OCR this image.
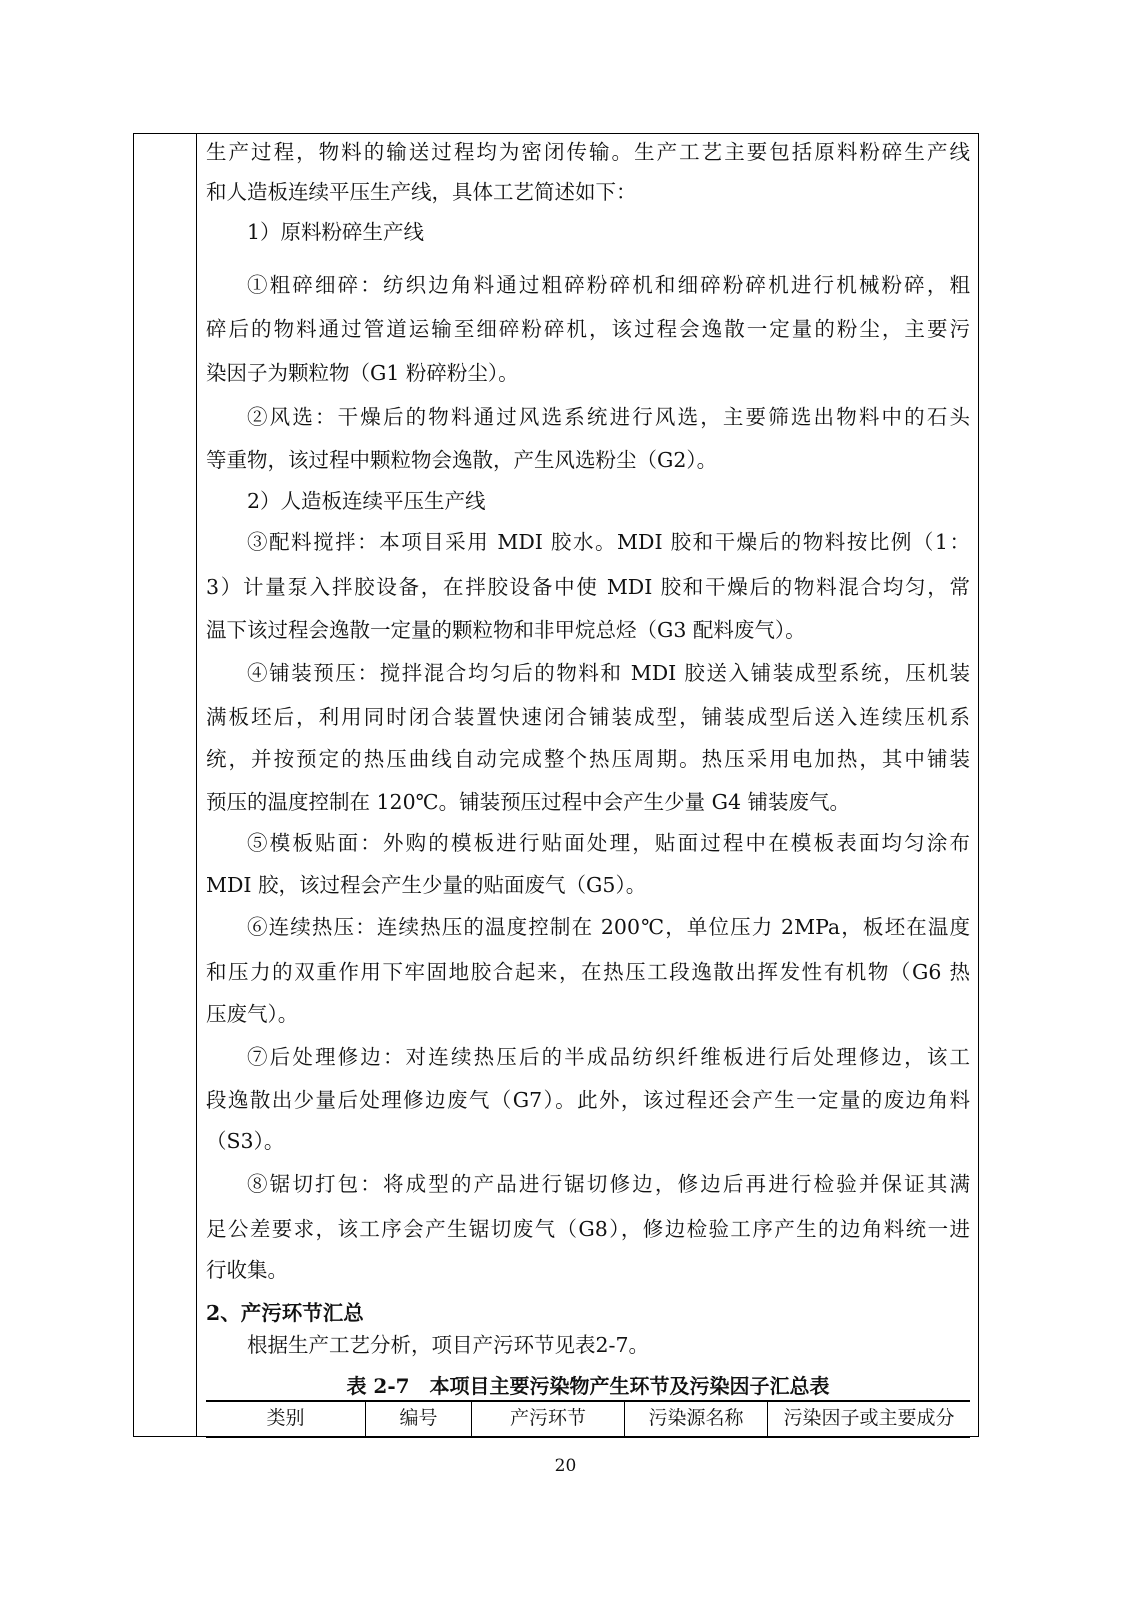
生产过程，物料的输送过程均为密闭传输。生产工艺主要包括原料粉碎生产线
和人造板连续平压生产线，具体工艺简述如下：
1）原料粉碎生产线
①粗碎细碎：纺织边角料通过粗碎粉碎机和细碎粉碎机进行机械粉碎，粗
碎后的物料通过管道运输至细碎粉碎机，该过程会逸散一定量的粉尘，主要污
染因子为颗粒物（G1 粉碎粉尘）。
②风选：干燥后的物料通过风选系统进行风选，主要筛选出物料中的石头
等重物，该过程中颗粒物会逸散，产生风选粉尘（G2）。
2）人造板连续平压生产线
③配料搅拌：本项目采用 MDI 胶水。MDI 胶和干燥后的物料按比例（1：
3）计量泵入拌胶设备，在拌胶设备中使 MDI 胶和干燥后的物料混合均匀，常
温下该过程会逸散一定量的颗粒物和非甲烷总烃（G3 配料废气）。
④铺装预压：搅拌混合均匀后的物料和 MDI 胶送入铺装成型系统，压机装
满板坯后，利用同时闭合装置快速闭合铺装成型，铺装成型后送入连续压机系
统，并按预定的热压曲线自动完成整个热压周期。热压采用电加热，其中铺装
预压的温度控制在 120℃。铺装预压过程中会产生少量 G4 铺装废气。
⑤模板贴面：外购的模板进行贴面处理，贴面过程中在模板表面均匀涂布
MDI 胶，该过程会产生少量的贴面废气（G5）。
⑥连续热压：连续热压的温度控制在 200℃，单位压力 2MPa，板坯在温度
和压力的双重作用下牢固地胶合起来，在热压工段逸散出挥发性有机物（G6 热
压废气）。
⑦后处理修边：对连续热压后的半成品纺织纤维板进行后处理修边，该工
段逸散出少量后处理修边废气（G7）。此外，该过程还会产生一定量的废边角料
（S3）。
⑧锯切打包：将成型的产品进行锯切修边，修边后再进行检验并保证其满
足公差要求，该工序会产生锯切废气（G8），修边检验工序产生的边角料统一进
行收集。
2、产污环节汇总
根据生产工艺分析，项目产污环节见表2-7。
表 2-7　本项目主要污染物产生环节及污染因子汇总表
类别	编号	产污环节	污染源名称	污染因子或主要成分
20
